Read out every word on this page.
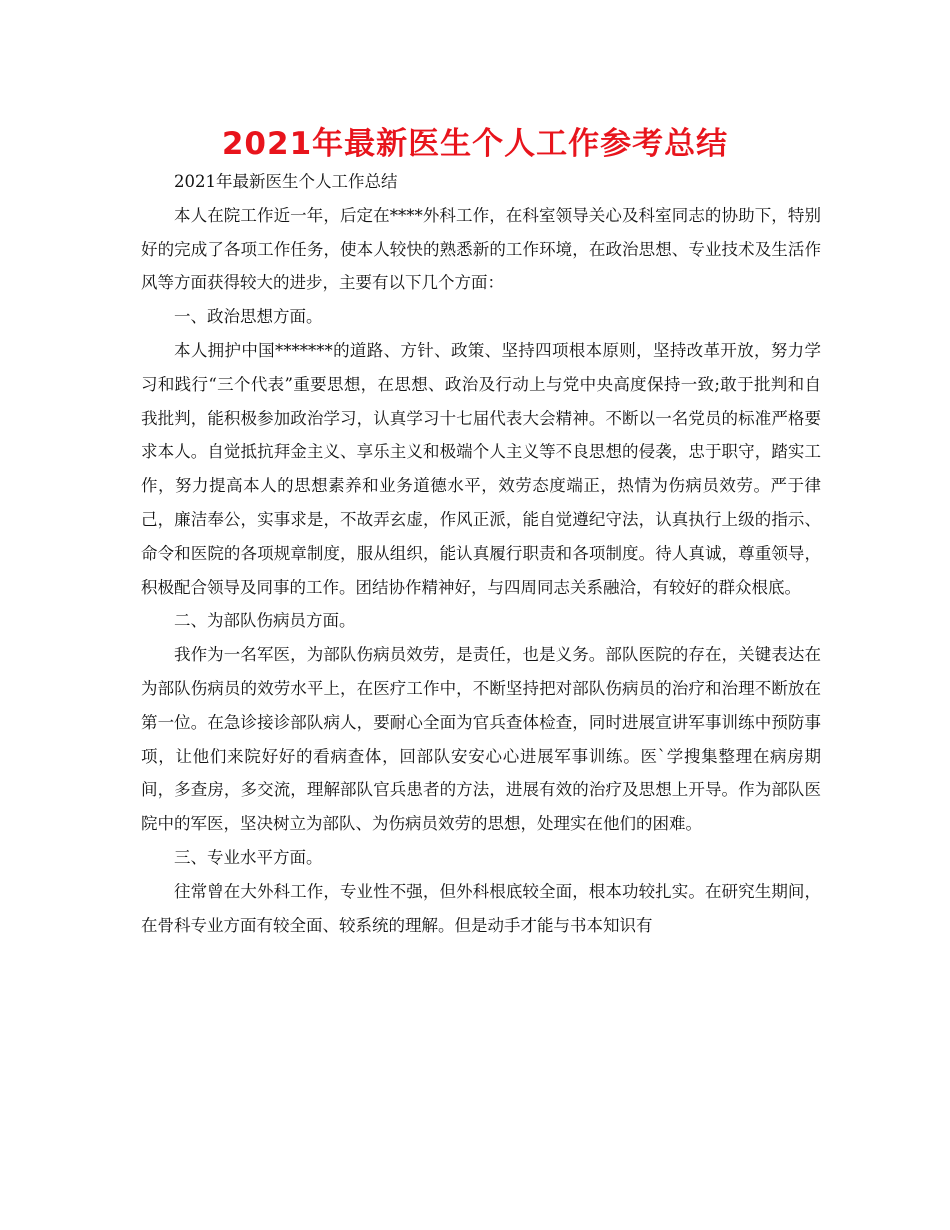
2021年最新医生个人工作参考总结

2021年最新医生个人工作总结

本人在院工作近一年，后定在****外科工作，在科室领导关心及科室同志的协助下，特别好的完成了各项工作任务，使本人较快的熟悉新的工作环境，在政治思想、专业技术及生活作风等方面获得较大的进步，主要有以下几个方面：

一、政治思想方面。

本人拥护中国*******的道路、方针、政策、坚持四项根本原则，坚持改革开放，努力学习和践行“三个代表”重要思想，在思想、政治及行动上与党中央高度保持一致;敢于批判和自我批判，能积极参加政治学习，认真学习十七届代表大会精神。不断以一名党员的标准严格要求本人。自觉抵抗拜金主义、享乐主义和极端个人主义等不良思想的侵袭，忠于职守，踏实工作，努力提高本人的思想素养和业务道德水平，效劳态度端正，热情为伤病员效劳。严于律己，廉洁奉公，实事求是，不故弄玄虚，作风正派，能自觉遵纪守法，认真执行上级的指示、命令和医院的各项规章制度，服从组织，能认真履行职责和各项制度。待人真诚，尊重领导，积极配合领导及同事的工作。团结协作精神好，与四周同志关系融洽，有较好的群众根底。

二、为部队伤病员方面。

我作为一名军医，为部队伤病员效劳，是责任，也是义务。部队医院的存在，关键表达在为部队伤病员的效劳水平上，在医疗工作中，不断坚持把对部队伤病员的治疗和治理不断放在第一位。在急诊接诊部队病人，要耐心全面为官兵查体检查，同时进展宣讲军事训练中预防事项，让他们来院好好的看病查体，回部队安安心心进展军事训练。医`学搜集整理在病房期间，多查房，多交流，理解部队官兵患者的方法，进展有效的治疗及思想上开导。作为部队医院中的军医，坚决树立为部队、为伤病员效劳的思想，处理实在他们的困难。

三、专业水平方面。

往常曾在大外科工作，专业性不强，但外科根底较全面，根本功较扎实。在研究生期间，在骨科专业方面有较全面、较系统的理解。但是动手才能与书本知识有
